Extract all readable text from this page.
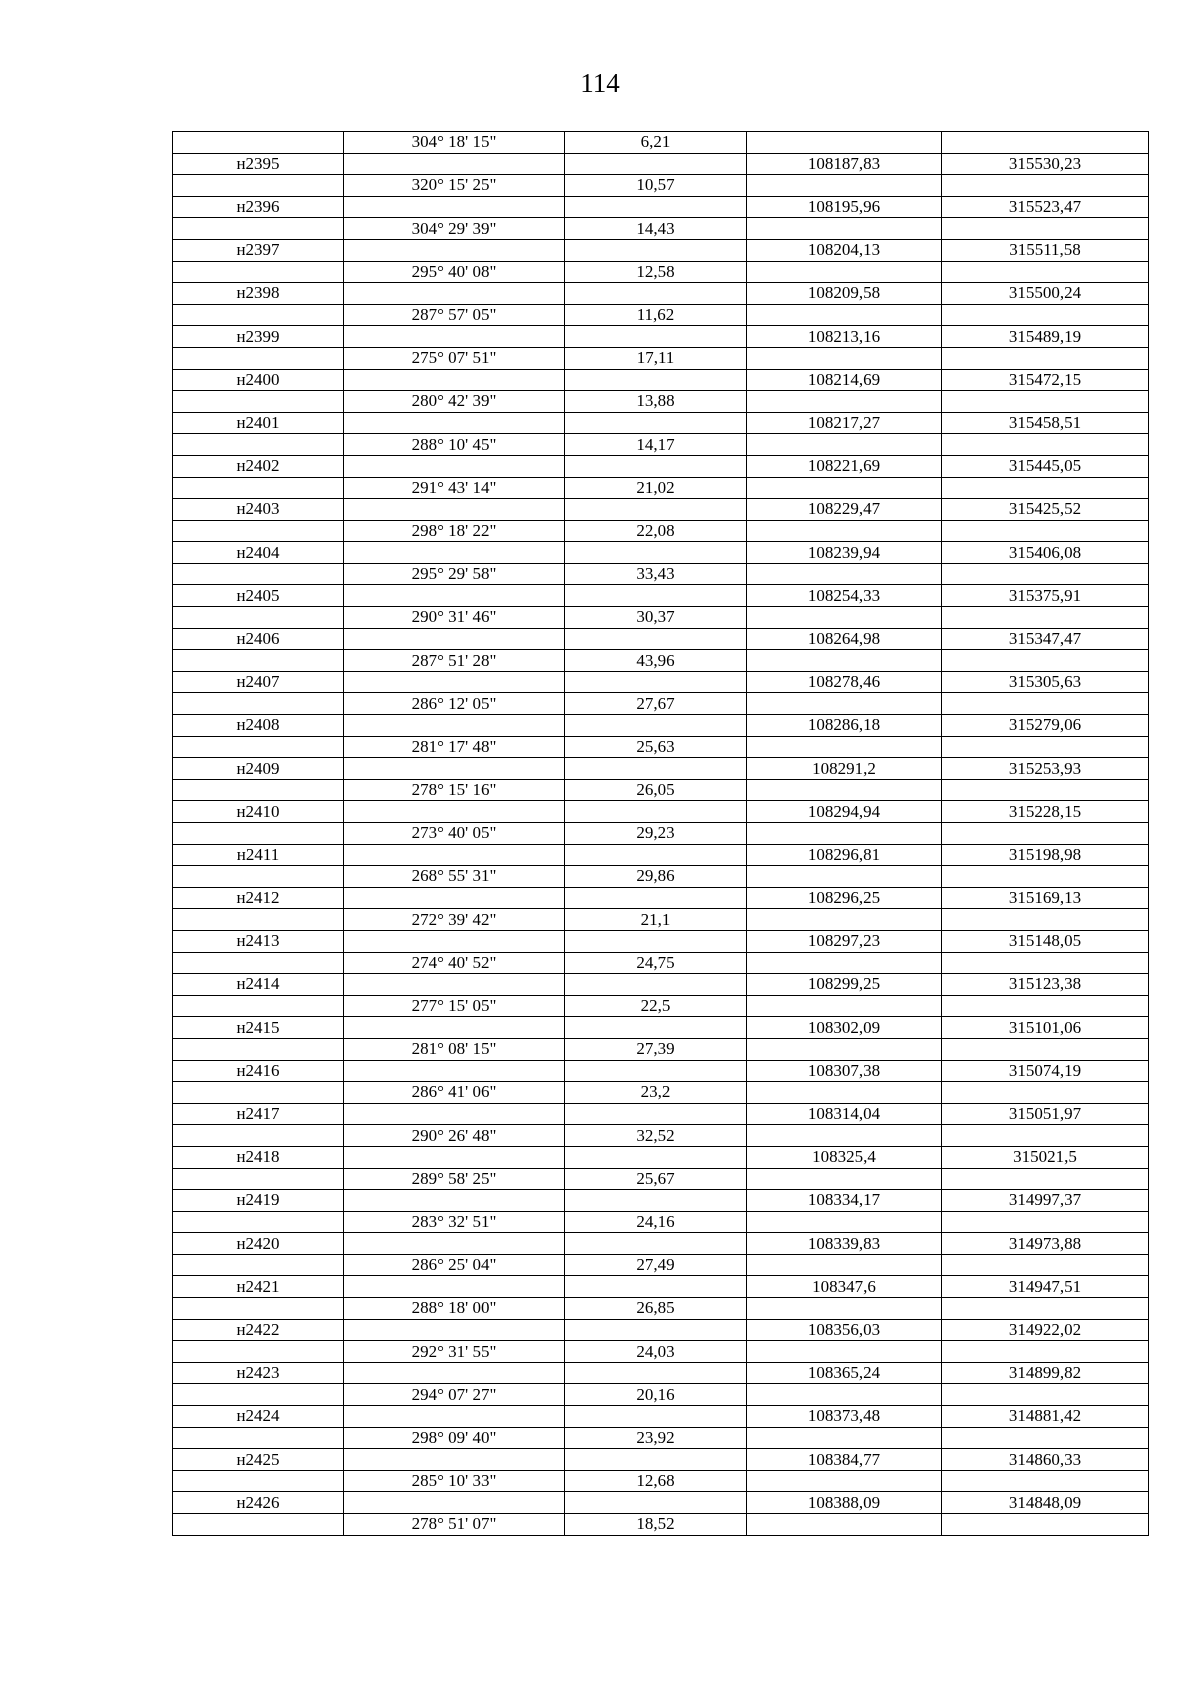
114
	304° 18' 15"	6,21		
н2395			108187,83	315530,23
	320° 15' 25"	10,57		
н2396			108195,96	315523,47
	304° 29' 39"	14,43		
н2397			108204,13	315511,58
	295° 40' 08"	12,58		
н2398			108209,58	315500,24
	287° 57' 05"	11,62		
н2399			108213,16	315489,19
	275° 07' 51"	17,11		
н2400			108214,69	315472,15
	280° 42' 39"	13,88		
н2401			108217,27	315458,51
	288° 10' 45"	14,17		
н2402			108221,69	315445,05
	291° 43' 14"	21,02		
н2403			108229,47	315425,52
	298° 18' 22"	22,08		
н2404			108239,94	315406,08
	295° 29' 58"	33,43		
н2405			108254,33	315375,91
	290° 31' 46"	30,37		
н2406			108264,98	315347,47
	287° 51' 28"	43,96		
н2407			108278,46	315305,63
	286° 12' 05"	27,67		
н2408			108286,18	315279,06
	281° 17' 48"	25,63		
н2409			108291,2	315253,93
	278° 15' 16"	26,05		
н2410			108294,94	315228,15
	273° 40' 05"	29,23		
н2411			108296,81	315198,98
	268° 55' 31"	29,86		
н2412			108296,25	315169,13
	272° 39' 42"	21,1		
н2413			108297,23	315148,05
	274° 40' 52"	24,75		
н2414			108299,25	315123,38
	277° 15' 05"	22,5		
н2415			108302,09	315101,06
	281° 08' 15"	27,39		
н2416			108307,38	315074,19
	286° 41' 06"	23,2		
н2417			108314,04	315051,97
	290° 26' 48"	32,52		
н2418			108325,4	315021,5
	289° 58' 25"	25,67		
н2419			108334,17	314997,37
	283° 32' 51"	24,16		
н2420			108339,83	314973,88
	286° 25' 04"	27,49		
н2421			108347,6	314947,51
	288° 18' 00"	26,85		
н2422			108356,03	314922,02
	292° 31' 55"	24,03		
н2423			108365,24	314899,82
	294° 07' 27"	20,16		
н2424			108373,48	314881,42
	298° 09' 40"	23,92		
н2425			108384,77	314860,33
	285° 10' 33"	12,68		
н2426			108388,09	314848,09
	278° 51' 07"	18,52		
